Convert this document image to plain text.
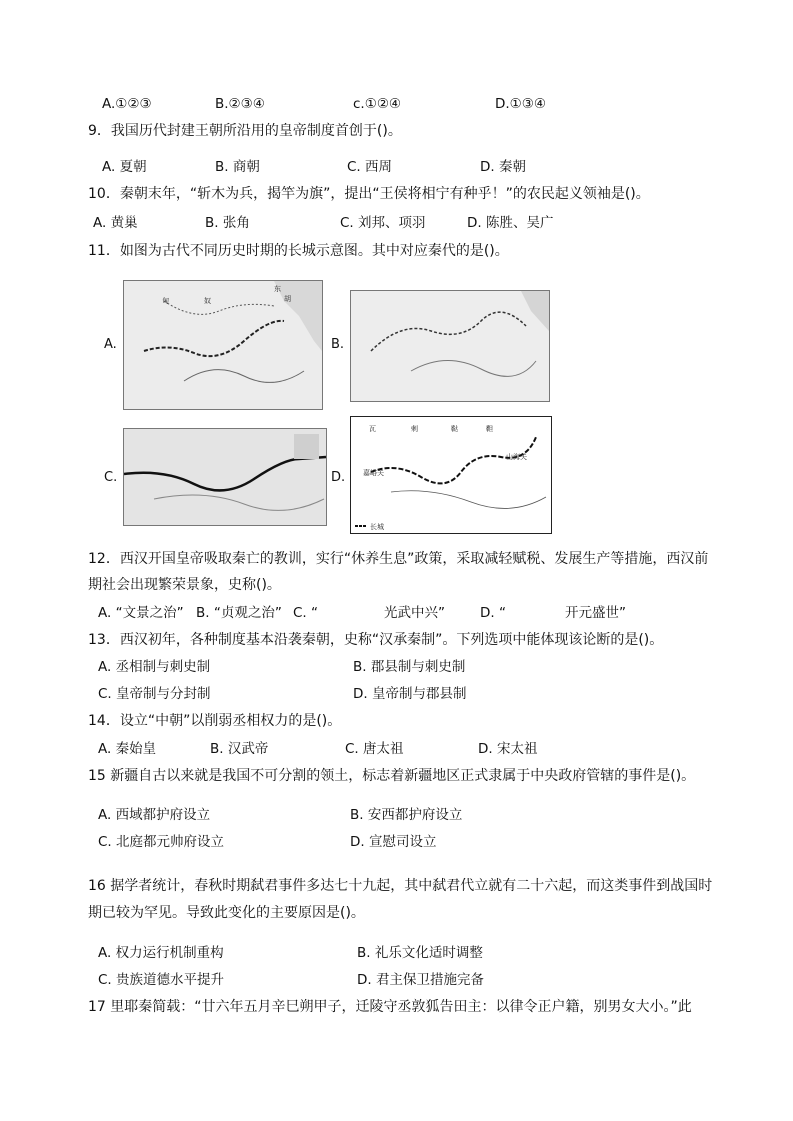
A.①②③	B.②③④	c.①②④	D.①③④
9．我国历代封建王朝所沿用的皇帝制度首创于()。
A. 夏朝	B. 商朝	C. 西周	D. 秦朝
10．秦朝末年，“斩木为兵，揭竿为旗”，提出“王侯将相宁有种乎！”的农民起义领袖是()。
A. 黄巢	B. 张角	C. 刘邦、项羽	D. 陈胜、吴广
11．如图为古代不同历史时期的长城示意图。其中对应秦代的是()。
A.
匈	奴
东
胡
B.
C.	D.
瓦	剌	鞑	靼
山海关
嘉峪关
长城
12．西汉开国皇帝吸取秦亡的教训，实行“休养生息”政策，采取减轻赋税、发展生产等措施，西汉前
期社会出现繁荣景象，史称()。
A. “文景之治” B. “贞观之治” C. “	光武中兴”	D. “	开元盛世”
13．西汉初年，各种制度基本沿袭秦朝，史称“汉承秦制”。下列选项中能体现该论断的是()。
A. 丞相制与刺史制	B. 郡县制与刺史制
C. 皇帝制与分封制	D. 皇帝制与郡县制
14．设立“中朝”以削弱丞相权力的是()。
A. 秦始皇	B. 汉武帝	C. 唐太祖	D. 宋太祖
15 新疆自古以来就是我国不可分割的领土，标志着新疆地区正式隶属于中央政府管辖的事件是()。
A. 西域都护府设立	B. 安西都护府设立
C. 北庭都元帅府设立	D. 宣慰司设立
16 据学者统计，春秋时期弑君事件多达七十九起，其中弑君代立就有二十六起，而这类事件到战国时
期已较为罕见。导致此变化的主要原因是()。
A. 权力运行机制重构	B. 礼乐文化适时调整
C. 贵族道德水平提升	D. 君主保卫措施完备
17 里耶秦简载：“廿六年五月辛巳朔甲子，迁陵守丞敦狐告田主：以律令正户籍，别男女大小。”此
